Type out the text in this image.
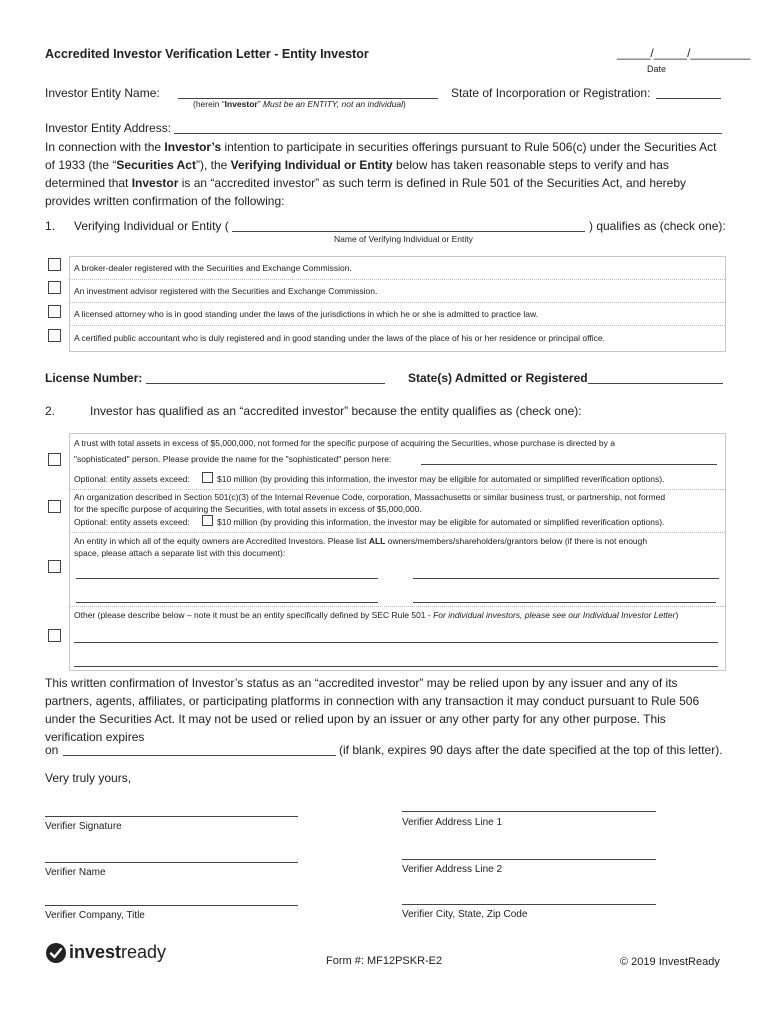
Accredited Investor Verification Letter - Entity Investor	_____/_____/_________
Date
Investor Entity Name:
(herein “Investor” Must be an ENTITY, not an individual)
State of Incorporation or Registration:
Investor Entity Address:
In connection with the Investor’s intention to participate in securities offerings pursuant to Rule 506(c) under the Securities Act of 1933 (the “Securities Act”), the Verifying Individual or Entity below has taken reasonable steps to verify and has determined that Investor is an “accredited investor” as such term is defined in Rule 501 of the Securities Act, and hereby provides written confirmation of the following:
1. Verifying Individual or Entity (	) qualifies as (check one):
Name of Verifying Individual or Entity
A broker-dealer registered with the Securities and Exchange Commission.
An investment advisor registered with the Securities and Exchange Commission.
A licensed attorney who is in good standing under the laws of the jurisdictions in which he or she is admitted to practice law.
A certified public accountant who is duly registered and in good standing under the laws of the place of his or her residence or principal office.
License Number:	State(s) Admitted or Registered
2.	Investor has qualified as an “accredited investor” because the entity qualifies as (check one):
A trust with total assets in excess of $5,000,000, not formed for the specific purpose of acquiring the Securities, whose purchase is directed by a
"sophisticated" person. Please provide the name for the "sophisticated" person here:
Optional: entity assets exceed:	$10 million (by providing this information, the investor may be eligible for automated or simplified reverification options).
An organization described in Section 501(c)(3) of the Internal Revenue Code, corporation, Massachusetts or similar business trust, or partnership, not formed
for the specific purpose of acquiring the Securities, with total assets in excess of $5,000,000.
Optional: entity assets exceed:	$10 million (by providing this information, the investor may be eligible for automated or simplified reverification options).
An entity in which all of the equity owners are Accredited Investors. Please list ALL owners/members/shareholders/grantors below (if there is not enough
space, please attach a separate list with this document):
Other (please describe below – note it must be an entity specifically defined by SEC Rule 501 - For individual investors, please see our Individual Investor Letter)
This written confirmation of Investor’s status as an “accredited investor” may be relied upon by any issuer and any of its partners, agents, affiliates, or participating platforms in connection with any transaction it may conduct pursuant to Rule 506 under the Securities Act. It may not be used or relied upon by an issuer or any other party for any other purpose. This verification expires
on	(if blank, expires 90 days after the date specified at the top of this letter).
Very truly yours,
Verifier Signature
Verifier Name
Verifier Company, Title
Verifier Address Line 1
Verifier Address Line 2
Verifier City, State, Zip Code
investready	Form #: MF12PSKR-E2	© 2019 InvestReady
